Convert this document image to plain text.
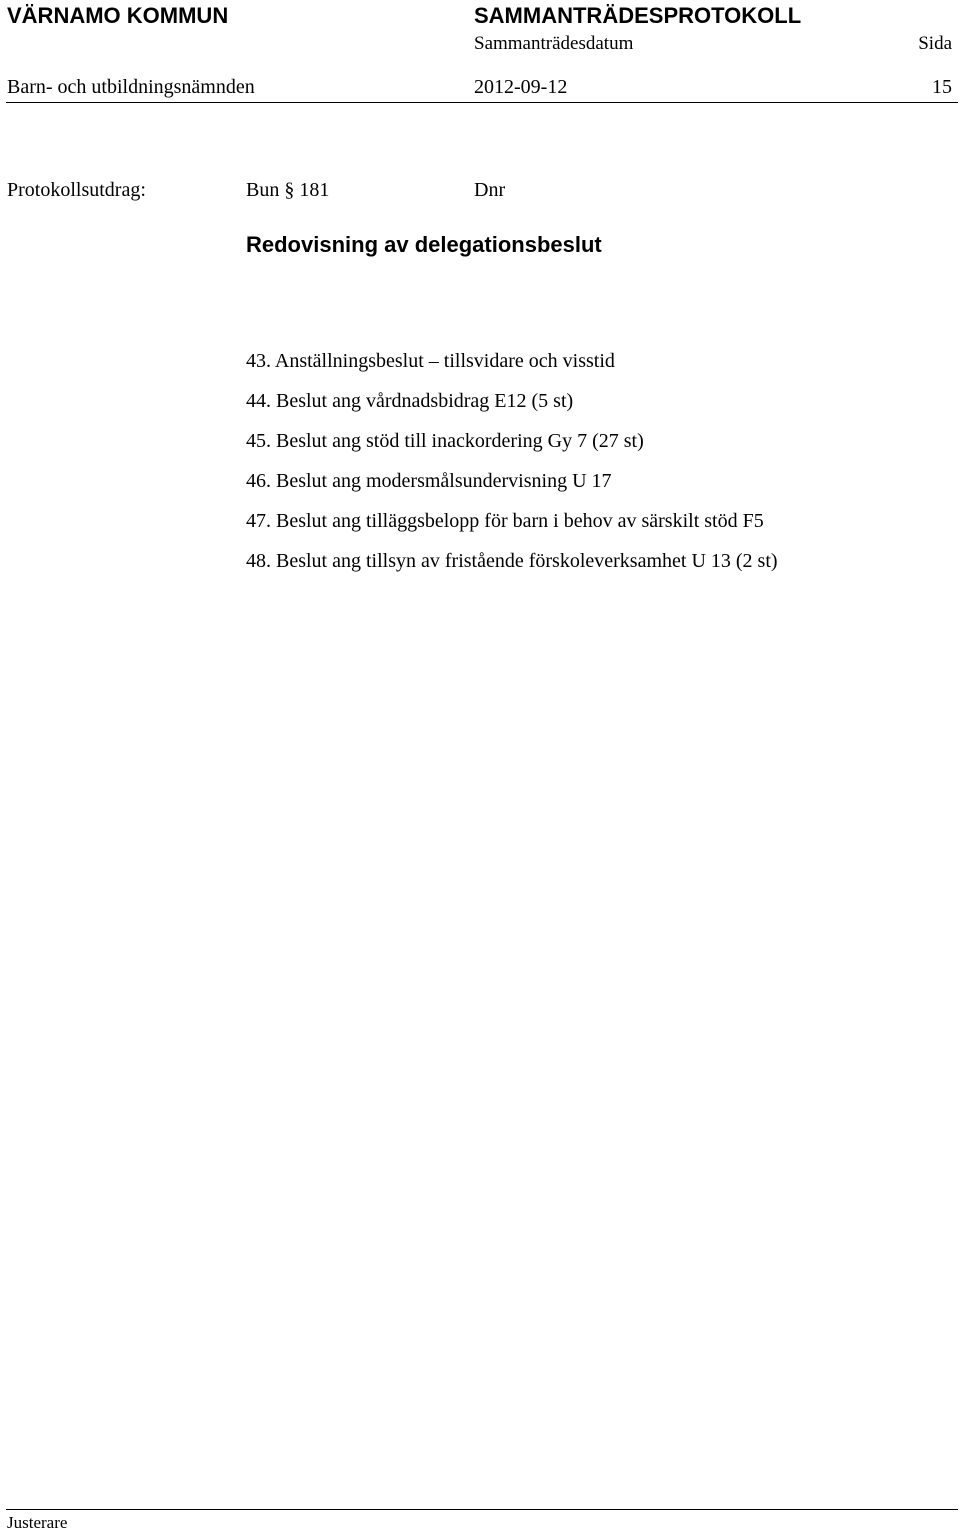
VÄRNAMO KOMMUN	SAMMANTRÄDESPROTOKOLL
Sammanträdesdatum	Sida
Barn- och utbildningsnämnden	2012-09-12	15
Protokollsutdrag:	Bun § 181	Dnr
Redovisning av delegationsbeslut
43. Anställningsbeslut – tillsvidare och visstid
44. Beslut ang vårdnadsbidrag E12 (5 st)
45. Beslut ang stöd till inackordering Gy 7 (27 st)
46. Beslut ang modersmålsundervisning U 17
47. Beslut ang tilläggsbelopp för barn i behov av särskilt stöd F5
48. Beslut ang tillsyn av fristående förskoleverksamhet U 13 (2 st)
Justerare
